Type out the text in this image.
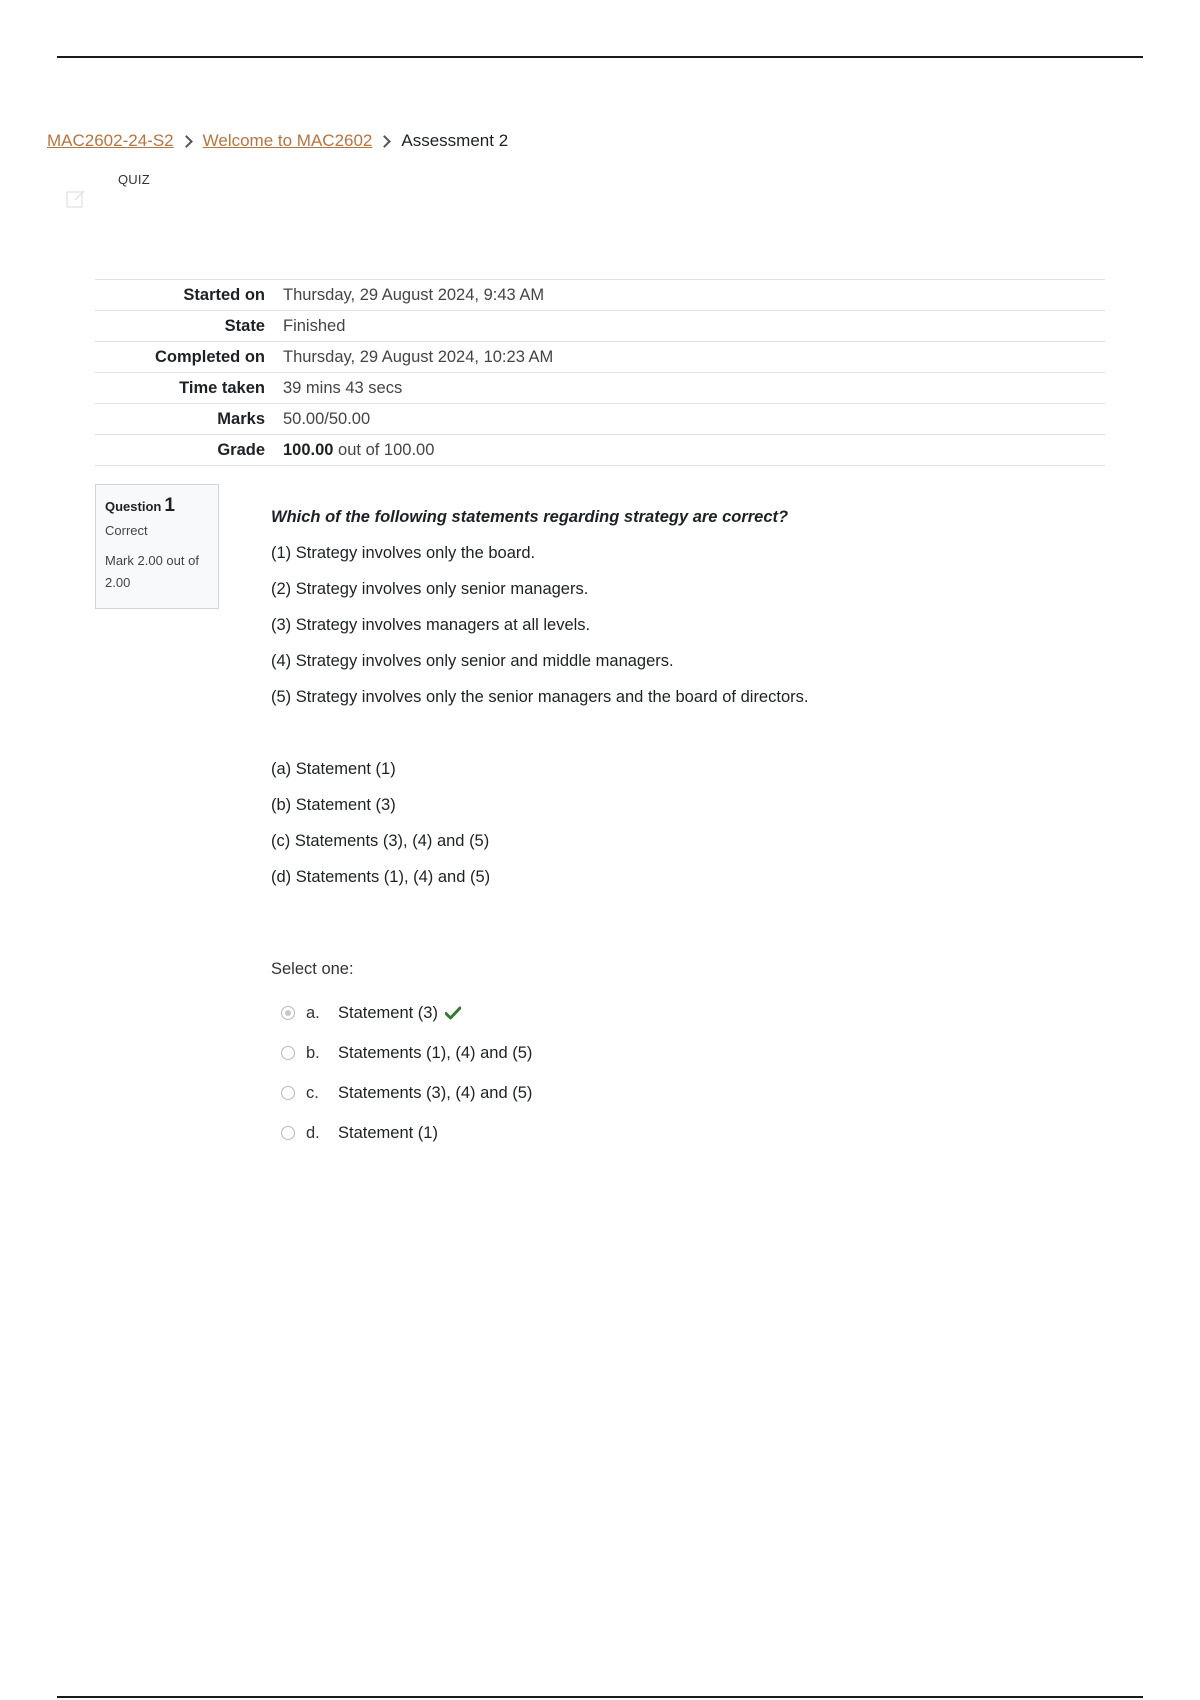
MAC2602-24-S2 Welcome to MAC2602 Assessment 2
QUIZ
Started on	Thursday, 29 August 2024, 9:43 AM
State	Finished
Completed on	Thursday, 29 August 2024, 10:23 AM
Time taken	39 mins 43 secs
Marks	50.00/50.00
Grade	100.00 out of 100.00
Question 1
Correct
Mark 2.00 out of 2.00

Which of the following statements regarding strategy are correct?

(1) Strategy involves only the board.

(2) Strategy involves only senior managers.

(3) Strategy involves managers at all levels.

(4) Strategy involves only senior and middle managers.

(5) Strategy involves only the senior managers and the board of directors.

(a) Statement (1)

(b) Statement (3)

(c) Statements (3), (4) and (5)

(d) Statements (1), (4) and (5)

Select one:
a.	Statement (3)
b.	Statements (1), (4) and (5)
c.	Statements (3), (4) and (5)
d.	Statement (1)
